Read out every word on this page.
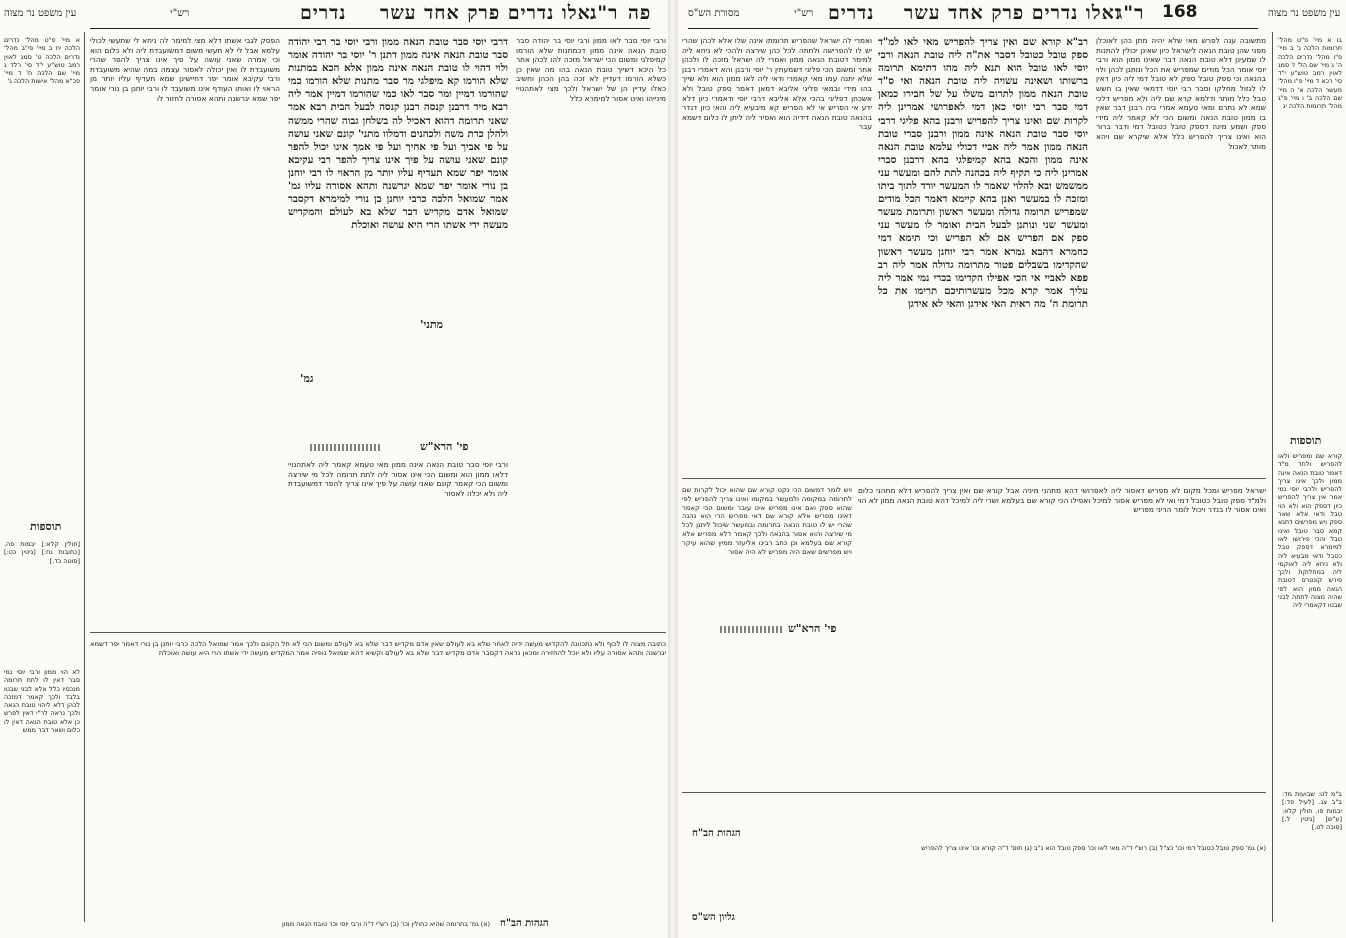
עין משפט נר מצוה	רש"י	נדרים ואלו נדרים פרק אחד עשר
ר"ג פה
א מיי' פ"ט מהל' נדרים הלכה יח ב מיי' פי"ב מהל' נדרים הלכה ט' סמג לאוין רמב טוש"ע י"ד סי' רלד ג מיי' שם הלכה ח' ד מיי' פכ"א מהל' אישות הלכה ג'
הפסק לגבי אשתו דלא מצי למימר לה ניחא לי שתעשי לכולי עלמא אבל לי לא תעשי משום דמשועבדת ליה ולא כלום הוא וכי אמרה שאני עושה על פיך אינו צריך להפר שהרי משועבדת לו ואין יכולה לאסור עצמה במה שהיא משועבדת ורבי עקיבא אומר יפר דחיישינן שמא תעדיף עליו יותר מן הראוי לו ואותו העודף אינו משועבד לו ורבי יוחנן בן נורי אומר יפר שמא יגרשנה ותהא אסורה לחזור לו
דרבי יוסי סבר טובת הנאה ממון ורבי יוסי בר רבי יהודה סבר טובת הנאה אינה ממון דתנן ר' יוסי בר יהודה אומר ולוי דהוי לו טובת הנאה אינה ממון אלא הכא במתנות שלא הורמו קא מיפלגי מר סבר מתנות שלא הורמו כמי שהורמו דמיין ומר סבר לאו כמי שהורמו דמיין אמר ליה רבא מיד דרבנן קנסה רבנן קנסה לבעל הבית רבא אמר שאני תרומה דהוא דאכיל לה בשלחן גבוה שהרי ממשה ולהלן כרת משה ולכהנים ודמלוו מתני' קונם שאני עושה על פי אביך ועל פי אחיך ועל פי אמך אינו יכול להפר קונם שאני עושה על פיך אינו צריך להפר רבי עקיבא אומר יפר שמא תעדיף עליו יותר מן הראוי לו רבי יוחנן בן נורי אומר יפר שמא יגרשנה ותהא אסורה עליו גמ' אמר שמואל הלכה כרבי יוחנן בן נורי למימרא דקסבר שמואל אדם מקדיש דבר שלא בא לעולם והמקדיש מעשה ידי אשתו הרי היא עושה ואוכלת
מתני'
גמ'
ורבי יוסי סבר לאו ממון ורבי יוסי בר יהודה סבר טובת הנאה אינה ממון דכמתנות שלא הורמו קמיפלגי ומשום הכי ישראל מזכה להו לכהן אחר כל היכא דשייך טובת הנאה בהו מה שאין כן כשלא הורמו דעדיין לא זכה בהן הכהן וחשיב כאלו עדיין הן של ישראל ולכך מצי לאתהנויי מינייהו ואינו אסור למימרא כלל
[חולין קלא:] יבמות פה. [כתובות נח:] [גיטין כט:] [סוטה כד.]
תוספות
לא הוי ממון ורבי יוסי נמי סבר דאין לו לתת תרומה מנכסיו כלל אלא לבני שבטו בלבד ולכך קאמר דמזכה לכהן דלא ליהוי טובת הנאה ולכך נראה לר"י דאין לפרש כן אלא טובת הנאה דאין לו כלום ושאר דבר ממש
פי' הרא"ש
ורבי יוסי סבר טובת הנאה אינה ממון מאי טעמא קאמר ליה לאתהנויי דלאו ממון הוא ומשום הכי אינו אסור ליה לתת תרומה לכל מי שירצה ומשום הכי קאמר קונם שאני עושה על פיך אינו צריך להפר דמשועבדת ליה ולא יכלה לאסור
כתובה מצוה לו לכוף ולא נתכוונה להקדיש מעשה ידיה לאחר שלא בא לעולם שאין אדם מקדיש דבר שלא בא לעולם ומשום הכי לא חל הקונם ולכך אמר שמואל הלכה כרבי יוחנן בן נורי דאמר יפר דשמא יגרשנה ותהא אסורה עליו ולא יוכל להחזירה ומכאן נראה דקסבר אדם מקדיש דבר שלא בא לעולם וקשיא דהא שמואל גופיה אמר המקדיש מעשה ידי אשתו הרי היא עושה ואוכלת
הגהות הב"ח
(א) גמ' בתרומה שהיא כחולין וכו' (ב) רש"י ד"ה ורבי יוסי וכו' טובת הנאה ממון
מסורת הש"ס	רש"י נדרים ואלו נדרים פרק אחד עשר
ר"ג 168	עין משפט נר מצוה
ואמרי לה ישראל שהפריש תרומתו אינה שלו אלא לכהן שהרי יש לו להפרישה ולתתה לכל כהן שירצה ולהכי לא ניחא ליה למימר דטובת הנאה ממון ואמרי לה ישראל מזכה לו ולכהן אחר ומשום הכי פליגי דשמעתין ר' יוסי ורבנן והא דאמרי רבנן שלא יתנה עמו מאי קאמרי ודאי ליה לאו ממון הוא ולא שייך בהו מידי ובמאי פליגי אליבא דמאן דאמר ספק טובל ולא אשכחן דפליגי בהכי אלא אליבא דרבי יוסי ודאמרי כיון דלא ידע אי הפריש אי לא הפריש קא מיבעיא ליה והאי כיון דנדר בהנאה טובת הנאה דידיה הוא ואסיר ליה ליתן לו כלום דשמא עבר
רב"א קורא שם ואין צריך להפריש מאי לאו למ"ד ספק טובל כטובל דסבר את"ה ליה טובת הנאה ורבי יוסי לאו טובל הוא תנא ליה מהו דתימא תרומה ברשותו ושאינה עשויה ליה טובת הנאה ואי ס"ד טובת הנאה ממון לתרום משלו על של חבירו כמאן דמי סבר רבי יוסי כאן דמי לאפרושי אמרינן ליה לקרות שם ואינו צריך להפריש ורבנן בהא פליגי דרבי יוסי סבר טובת הנאה אינה ממון ורבנן סברי טובת הנאה ממון אמר ליה אביי דכולי עלמא טובת הנאה אינה ממון והכא בהא קמיפלגי בהא דרבנן סברי אמרינן ליה כי תקיף ליה בכהנה לתת להם ומעשר עני ממשמש ובא להלוי שאמר לו המעשר יורד לתוך ביתו ומזכה לו במעשר ואנן בהא קיימא דאמר הכל מודים שמפריש תרומה גדולה ומעשר ראשון ותרומת מעשר ומעשר שני ונותנן לבעל הבית ואומר לו מעשר עני ספק אם הפריש אם לא הפריש וכי תימא דמי כחמרא דהבא גמרא אמר רבי יוחנן מעשר ראשון שהקדימו בשבלים פטור מתרומה גדולה אמר ליה רב פפא לאביי אי הכי אפילו הקדימו בכרי נמי אמר ליה עליך אמר קרא מכל מעשרותיכם תרימו את כל תרומת ה' מה ראית האי אידגן והאי לא אידגן
מתשובה ענה לפרש מאי שלא יהיה מתן כהן לאוכלן מפני שהן טובת הנאה לישראל כיון שאינן יכולין להתנות לו שמעינן דלא טובת הנאה דבר שאינו ממון הוא ורבי יוסי אומר הכל מודים שמפריש את הכל ונותנן לכהן ולוי בהנאה וכי ספק טובל ספק לא טובל דמי ליה כיון דאין לו לגזול מחלקו וסבר רבי יוסי דדמאי שאין בו חשש טבל כלל מותר ודלמא קרא שם ליה ולא מפריש דלכי שמא לא נתרם ומאי טעמא אמרי ביה רבנן דבר שאין בו ממון טובת הנאה ומשום הכי לא קאמר ליה מידי ספק ושמע מינה דספק טובל כטובל דמי ודבר ברור הוא ואינו צריך להפריש כלל אלא שיקרא שם ויהא מותר לאכול
בו א מיי' פ"ט מהל' תרומות הלכה ג' ב מיי' פ"ו מהל' נדרים הלכה ה' ג מיי' שם הל' ז' סמג לאוין רמב טוש"ע י"ד סי' רכא ד מיי' פ"ו מהל' מעשר הלכה א' ה מיי' שם הלכה ב' ו מיי' פ"ג מהל' תרומות הלכה יג
תוספות
קורא שם ומפריש ולאו להפריש ולחד מ"ד דאמר טובת הנאה אינה ממון ולכך אינו צריך להפריש ולרבי יוסי נמי אמר אין צריך להפריש כיון דספק הוא ולא הוי טבל ודאי אלא שאר ספק ויש מפרשים דתנא קמא סבר טובל ואינו טבל והכי פירושו לאו למימרא דספק טבל כטבל ודאי מבעיא ליה ולא ניחא ליה לאוקמי ליה במחלוקת ולכך פירש קונטרס דטובת הנאה ממון הוא לפי שהיה מצוה לתתה לבני שבטו דקאמרי ליה
ב"מ לט: שבועות מד: ב"ב צג. [לעיל פד:] יבמות פו. חולין קלא: [ע"ש] [גיטין ל.] [סוכה לט.]
ויש לומר דמשום הכי נקט קורא שם שהוא יכול לקרות שם לתרומה במקומה ולמעשר במקומו ואינו צריך להפריש לפי שהוא ספק ואם אינו מפריש אינו עובר ומשום הכי קאמר דאינו מפריש אלא קורא שם דאי מפריש הרי הוא נהנה שהרי יש לו טובת הנאה בתרומה ובמעשר שיכול ליתנן לכל מי שירצה והוא אסור בהנאה ולכך קאמר דלא מפריש אלא קורא שם בעלמא וכן כתב רבינו אליעזר ממיץ שהוא עיקר ויש מפרשים שאם היה מפריש לא היה אסור
פי' הרא"ש
ישראל מפריש ומכל מקום לא מפריש דאסור ליה לאפרושי דהא מתהני מיניה אבל קורא שם ואין צריך להפריש דלא מתהני כלום ולמ"ד ספק טובל כטובל דמי ואי לא מפריש אסור למיכל ואפילו הכי קורא שם בעלמא ושרי ליה למיכל דהא טובת הנאה ממון לא הוי ואינו אסור לו בנדר ויכול לומר הריני מפריש
הגהות הב"ח
(א) גמ' ספק טובל כטובל דמי וכו' כצ"ל (ב) רש"י ד"ה מאי לאו וכו' ספק טובל הוא נ"ב (ג) תוס' ד"ה קורא וכו' אינו צריך להפריש
גליון הש"ס
